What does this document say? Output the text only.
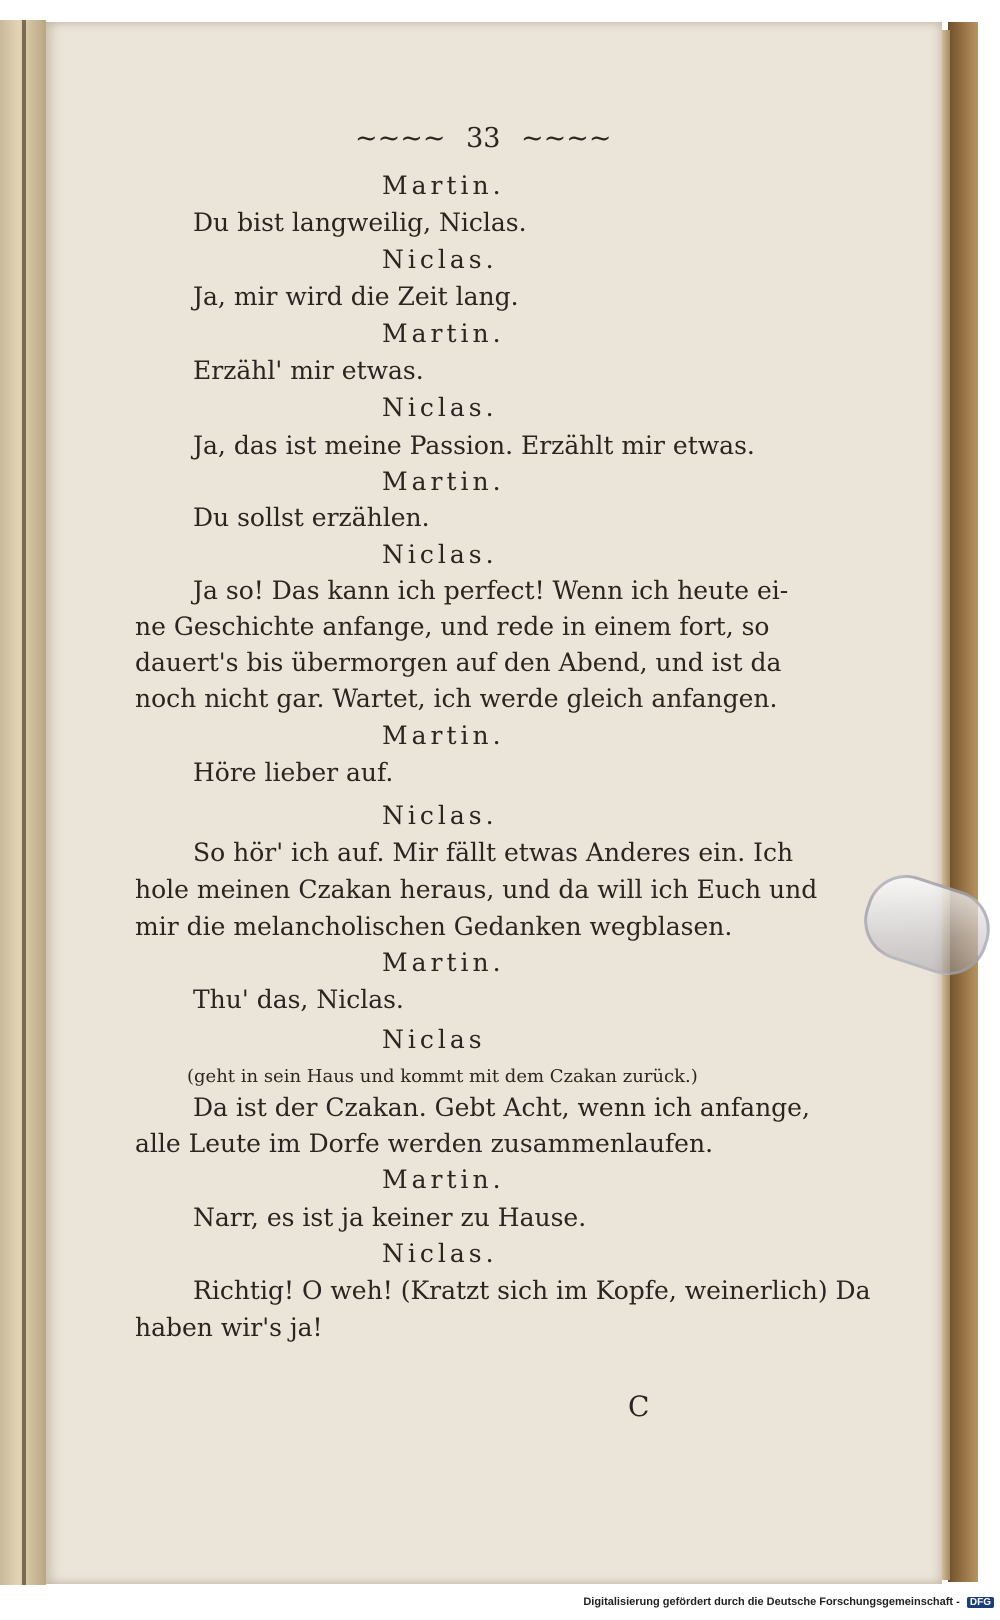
~~~~ 33 ~~~~
Martin.
Du bist langweilig, Niclas.
Niclas.
Ja, mir wird die Zeit lang.
Martin.
Erzähl' mir etwas.
Niclas.
Ja, das ist meine Passion. Erzählt mir etwas.
Martin.
Du sollst erzählen.
Niclas.
Ja so! Das kann ich perfect! Wenn ich heute ei-
ne Geschichte anfange, und rede in einem fort, so
dauert's bis übermorgen auf den Abend, und ist da
noch nicht gar. Wartet, ich werde gleich anfangen.
Martin.
Höre lieber auf.
Niclas.
So hör' ich auf. Mir fällt etwas Anderes ein. Ich
hole meinen Czakan heraus, und da will ich Euch und
mir die melancholischen Gedanken wegblasen.
Martin.
Thu' das, Niclas.
Niclas
(geht in sein Haus und kommt mit dem Czakan zurück.)
Da ist der Czakan. Gebt Acht, wenn ich anfange,
alle Leute im Dorfe werden zusammenlaufen.
Martin.
Narr, es ist ja keiner zu Hause.
Niclas.
Richtig! O weh! (Kratzt sich im Kopfe, weinerlich) Da
haben wir's ja!
C
Digitalisierung gefördert durch die Deutsche Forschungsgemeinschaft - DFG
